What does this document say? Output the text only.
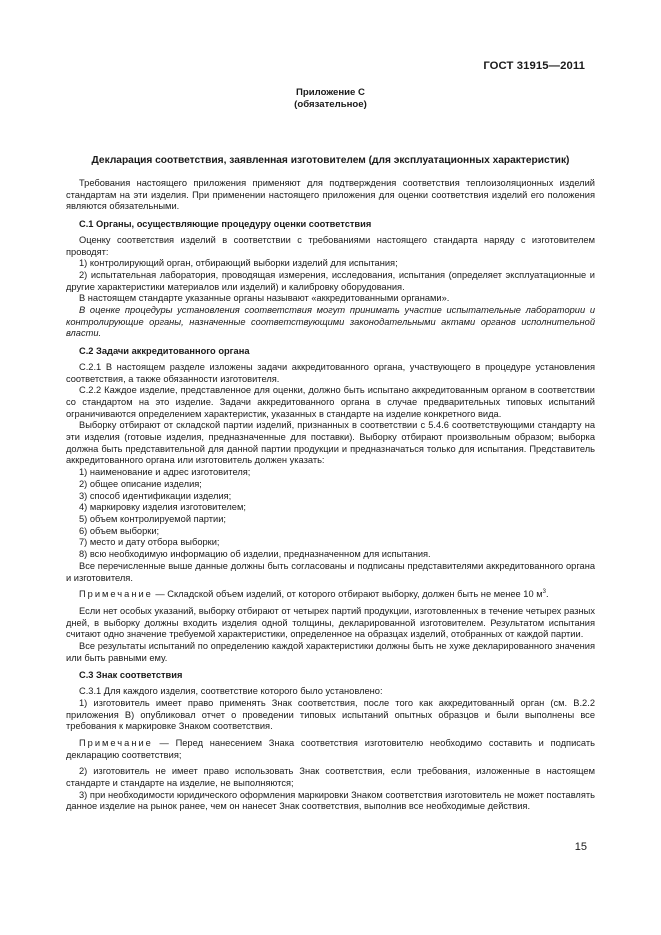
ГОСТ 31915—2011
Приложение С
(обязательное)
Декларация соответствия, заявленная изготовителем (для эксплуатационных характеристик)

Требования настоящего приложения применяют для подтверждения соответствия теплоизоляционных изделий стандартам на эти изделия. При применении настоящего приложения для оценки соответствия изделий его положения являются обязательными.

С.1 Органы, осуществляющие процедуру оценки соответствия

Оценку соответствия изделий в соответствии с требованиями настоящего стандарта наряду с изготовителем проводят:

1) контролирующий орган, отбирающий выборки изделий для испытания;

2) испытательная лаборатория, проводящая измерения, исследования, испытания (определяет эксплуатационные и другие характеристики материалов или изделий) и калибровку оборудования.

В настоящем стандарте указанные органы называют «аккредитованными органами».

В оценке процедуры установления соответствия могут принимать участие испытательные лаборатории и контролирующие органы, назначенные соответствующими законодательными актами органов исполнительной власти.

С.2 Задачи аккредитованного органа

С.2.1 В настоящем разделе изложены задачи аккредитованного органа, участвующего в процедуре установления соответствия, а также обязанности изготовителя.

С.2.2 Каждое изделие, представленное для оценки, должно быть испытано аккредитованным органом в соответствии со стандартом на это изделие. Задачи аккредитованного органа в случае предварительных типовых испытаний ограничиваются определением характеристик, указанных в стандарте на изделие конкретного вида.

Выборку отбирают от складской партии изделий, признанных в соответствии с 5.4.6 соответствующими стандарту на эти изделия (готовые изделия, предназначенные для поставки). Выборку отбирают произвольным образом; выборка должна быть представительной для данной партии продукции и предназначаться только для испытания. Представитель аккредитованного органа или изготовитель должен указать:

1) наименование и адрес изготовителя;

2) общее описание изделия;

3) способ идентификации изделия;

4) маркировку изделия изготовителем;

5) объем контролируемой партии;

6) объем выборки;

7) место и дату отбора выборки;

8) всю необходимую информацию об изделии, предназначенном для испытания.

Все перечисленные выше данные должны быть согласованы и подписаны представителями аккредитованного органа и изготовителя.

Примечание — Складской объем изделий, от которого отбирают выборку, должен быть не менее 10 $м^3$.

Если нет особых указаний, выборку отбирают от четырех партий продукции, изготовленных в течение четырех разных дней, в выборку должны входить изделия одной толщины, декларированной изготовителем. Результатом испытания считают одно значение требуемой характеристики, определенное на образцах изделий, отобранных от каждой партии.

Все результаты испытаний по определению каждой характеристики должны быть не хуже декларированного значения или быть равными ему.

С.3 Знак соответствия

С.3.1 Для каждого изделия, соответствие которого было установлено:

1) изготовитель имеет право применять Знак соответствия, после того как аккредитованный орган (см. В.2.2 приложения В) опубликовал отчет о проведении типовых испытаний опытных образцов и были выполнены все требования к маркировке Знаком соответствия.

Примечание — Перед нанесением Знака соответствия изготовителю необходимо составить и подписать декларацию соответствия;

2) изготовитель не имеет право использовать Знак соответствия, если требования, изложенные в настоящем стандарте и стандарте на изделие, не выполняются;

3) при необходимости юридического оформления маркировки Знаком соответствия изготовитель не может поставлять данное изделие на рынок ранее, чем он нанесет Знак соответствия, выполнив все необходимые действия.

15
